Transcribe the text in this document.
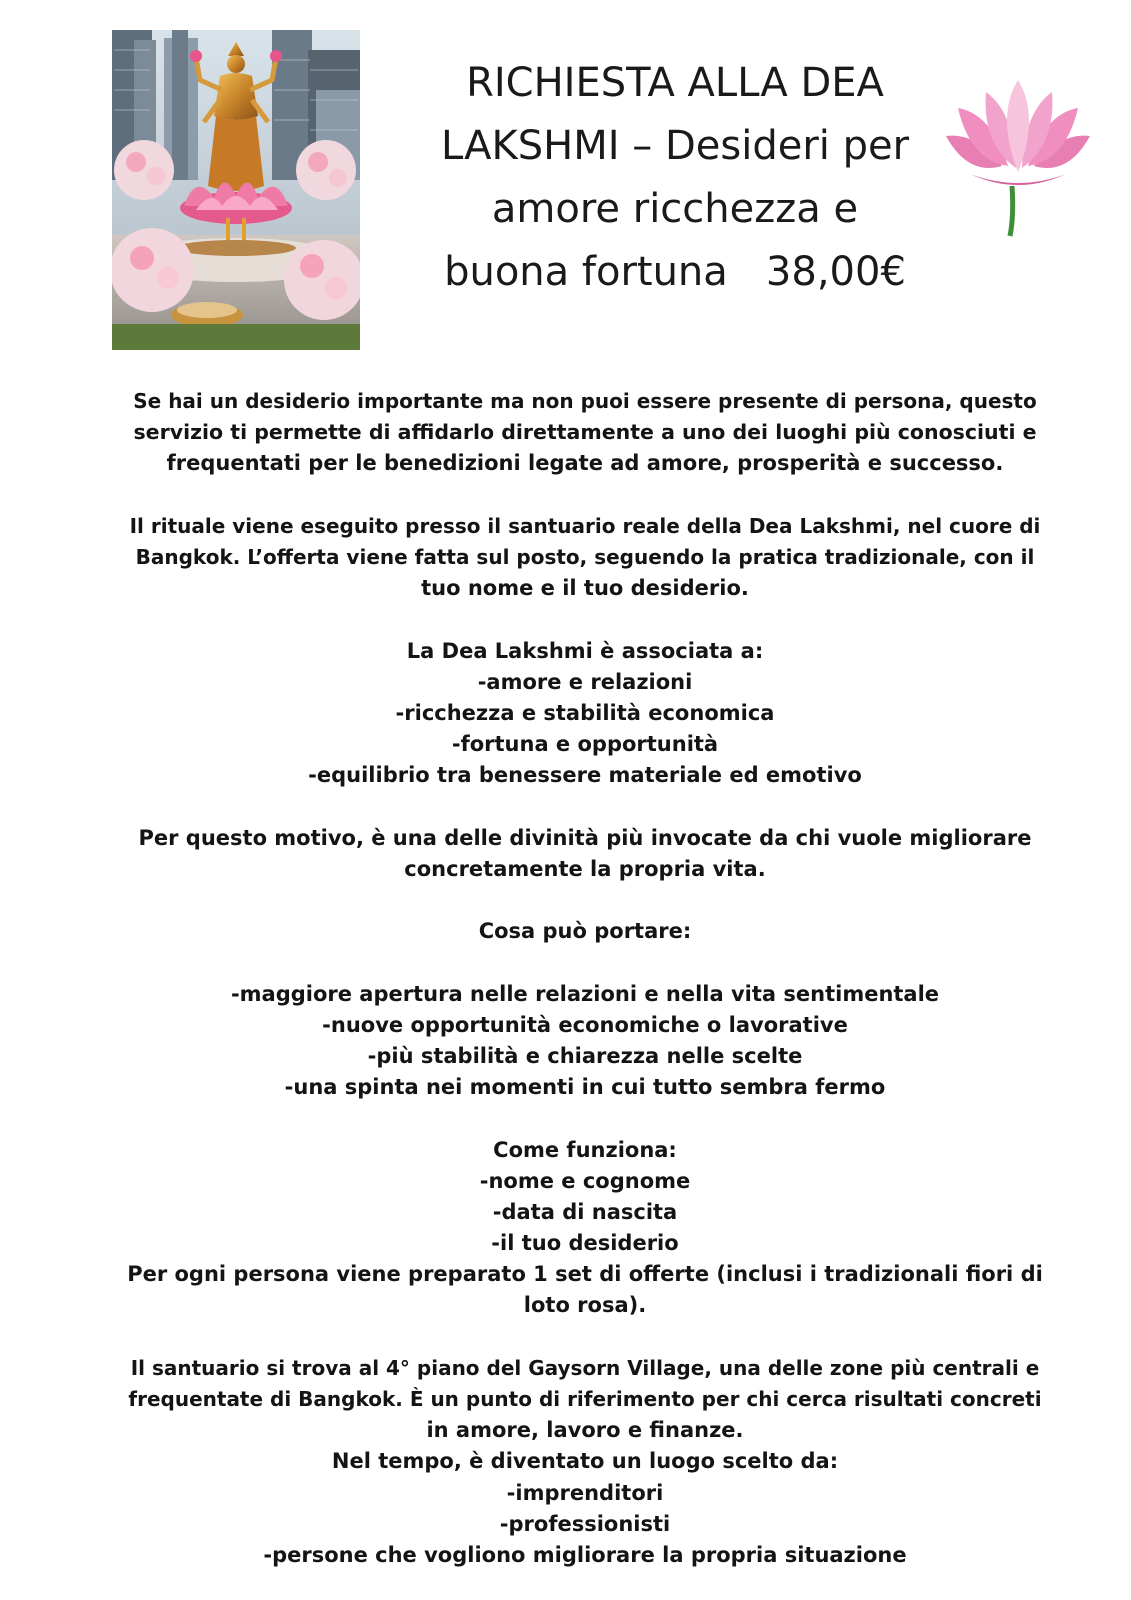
RICHIESTA ALLA DEA
LAKSHMI – Desideri per
amore ricchezza e
buona fortuna   38,00€
Se hai un desiderio importante ma non puoi essere presente di persona, questo
servizio ti permette di affidarlo direttamente a uno dei luoghi più conosciuti e
frequentati per le benedizioni legate ad amore, prosperità e successo.
Il rituale viene eseguito presso il santuario reale della Dea Lakshmi, nel cuore di
Bangkok. L’offerta viene fatta sul posto, seguendo la pratica tradizionale, con il
tuo nome e il tuo desiderio.
La Dea Lakshmi è associata a:
-amore e relazioni
-ricchezza e stabilità economica
-fortuna e opportunità
-equilibrio tra benessere materiale ed emotivo
Per questo motivo, è una delle divinità più invocate da chi vuole migliorare
concretamente la propria vita.
Cosa può portare:
-maggiore apertura nelle relazioni e nella vita sentimentale
-nuove opportunità economiche o lavorative
-più stabilità e chiarezza nelle scelte
-una spinta nei momenti in cui tutto sembra fermo
Come funziona:
-nome e cognome
-data di nascita
-il tuo desiderio
Per ogni persona viene preparato 1 set di offerte (inclusi i tradizionali fiori di
loto rosa).
Il santuario si trova al 4° piano del Gaysorn Village, una delle zone più centrali e
frequentate di Bangkok. È un punto di riferimento per chi cerca risultati concreti
in amore, lavoro e finanze.
Nel tempo, è diventato un luogo scelto da:
-imprenditori
-professionisti
-persone che vogliono migliorare la propria situazione
